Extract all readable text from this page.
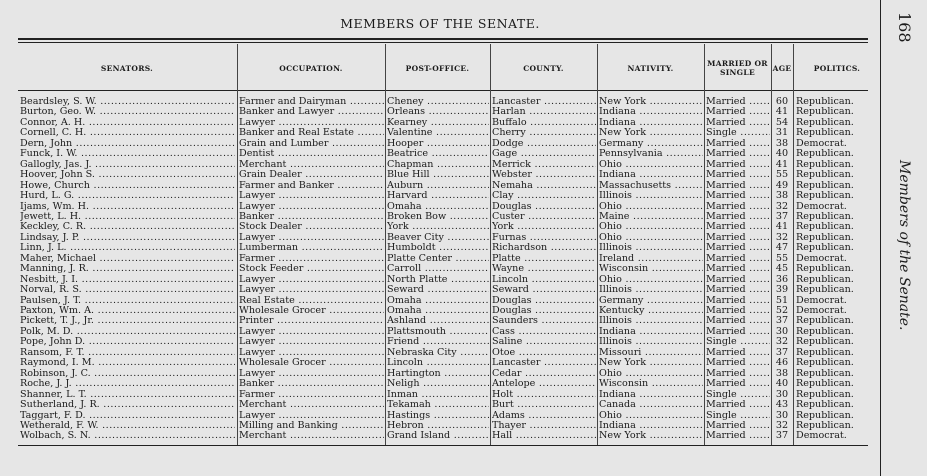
MEMBERS OF THE SENATE.	168
Members of the Senate.
SENATORS.	OCCUPATION.	POST-OFFICE.	COUNTY.	NATIVITY.	MARRIED OR SINGLE	AGE	POLITICS.
Beardsley, S. W. .....	Farmer and Dairyman .....	Cheney .....	Lancaster .....	New York .....	Married .....	60 Republican.
Burton, Geo. W. .....	Banker and Lawyer .....	Orleans .....	Harlan .....	Indiana .....	Married .....	41 Republican.
Connor, A. H. .....	Lawyer .....	Kearney .....	Buffalo .....	Indiana .....	Married .....	54 Republican.
Cornell, C. H. .....	Banker and Real Estate .....	Valentine .....	Cherry .....	New York .....	Single .....	31 Republican.
Dern, John .....	Grain and Lumber .....	Hooper .....	Dodge .....	Germany .....	Married .....	38 Democrat.
Funck, I. W. .....	Dentist .....	Beatrice .....	Gage .....	Pennsylvania .....	Married .....	40 Republican.
Gallogly, Jas. J. .....	Merchant .....	Chapman .....	Merrick .....	Ohio .....	Married .....	41 Republican.
Hoover, John S. .....	Grain Dealer .....	Blue Hill .....	Webster .....	Indiana .....	Married .....	55 Republican.
Howe, Church .....	Farmer and Banker .....	Auburn .....	Nemaha .....	Massachusetts .....	Married .....	49 Republican.
Hurd, L. G. .....	Lawyer .....	Harvard .....	Clay .....	Illinois .....	Married .....	38 Republican.
Ijams, Wm. H. .....	Lawyer .....	Omaha .....	Douglas .....	Ohio .....	Married .....	32 Democrat.
Jewett, L. H. .....	Banker .....	Broken Bow .....	Custer .....	Maine .....	Married .....	37 Republican.
Keckley, C. R. .....	Stock Dealer .....	York .....	York .....	Ohio .....	Married .....	41 Republican.
Lindsay, J. P. .....	Lawyer .....	Beaver City .....	Furnas .....	Ohio .....	Married .....	32 Republican.
Linn, J. L. .....	Lumberman .....	Humboldt .....	Richardson .....	Illinois .....	Married .....	47 Republican.
Maher, Michael .....	Farmer .....	Platte Center .....	Platte .....	Ireland .....	Married .....	55 Democrat.
Manning, J. R. .....	Stock Feeder .....	Carroll .....	Wayne .....	Wisconsin .....	Married .....	45 Republican.
Nesbitt, J. I. .....	Lawyer .....	North Platte .....	Lincoln .....	Ohio .....	Married .....	36 Republican.
Norval, R. S. .....	Lawyer .....	Seward .....	Seward .....	Illinois .....	Married .....	39 Republican.
Paulsen, J. T. .....	Real Estate .....	Omaha .....	Douglas .....	Germany .....	Married .....	51 Democrat.
Paxton, Wm. A. .....	Wholesale Grocer .....	Omaha .....	Douglas .....	Kentucky .....	Married .....	52 Democrat.
Pickett, T. J., Jr. .....	Printer .....	Ashland .....	Saunders .....	Illinois .....	Married .....	37 Republican.
Polk, M. D. .....	Lawyer .....	Plattsmouth .....	Cass .....	Indiana .....	Married .....	30 Republican.
Pope, John D. .....	Lawyer .....	Friend .....	Saline .....	Illinois .....	Single .....	32 Republican.
Ransom, F. T. .....	Lawyer .....	Nebraska City .....	Otoe .....	Missouri .....	Married .....	37 Republican.
Raymond, I. M. .....	Wholesale Grocer .....	Lincoln .....	Lancaster .....	New York .....	Married .....	46 Republican.
Robinson, J. C. .....	Lawyer .....	Hartington .....	Cedar .....	Ohio .....	Married .....	38 Republican.
Roche, J. J. .....	Banker .....	Neligh .....	Antelope .....	Wisconsin .....	Married .....	40 Republican.
Shanner, L. T. .....	Farmer .....	Inman .....	Holt .....	Indiana .....	Single .....	30 Republican.
Sutherland, J. R. .....	Merchant .....	Tekamah .....	Burt .....	Canada .....	Married .....	43 Republican.
Taggart, F. D. .....	Lawyer .....	Hastings .....	Adams .....	Ohio .....	Single .....	30 Republican.
Wetherald, F. W. .....	Milling and Banking .....	Hebron .....	Thayer .....	Indiana .....	Married .....	32 Republican.
Wolbach, S. N. .....	Merchant .....	Grand Island .....	Hall .....	New York .....	Married .....	37 Democrat.
